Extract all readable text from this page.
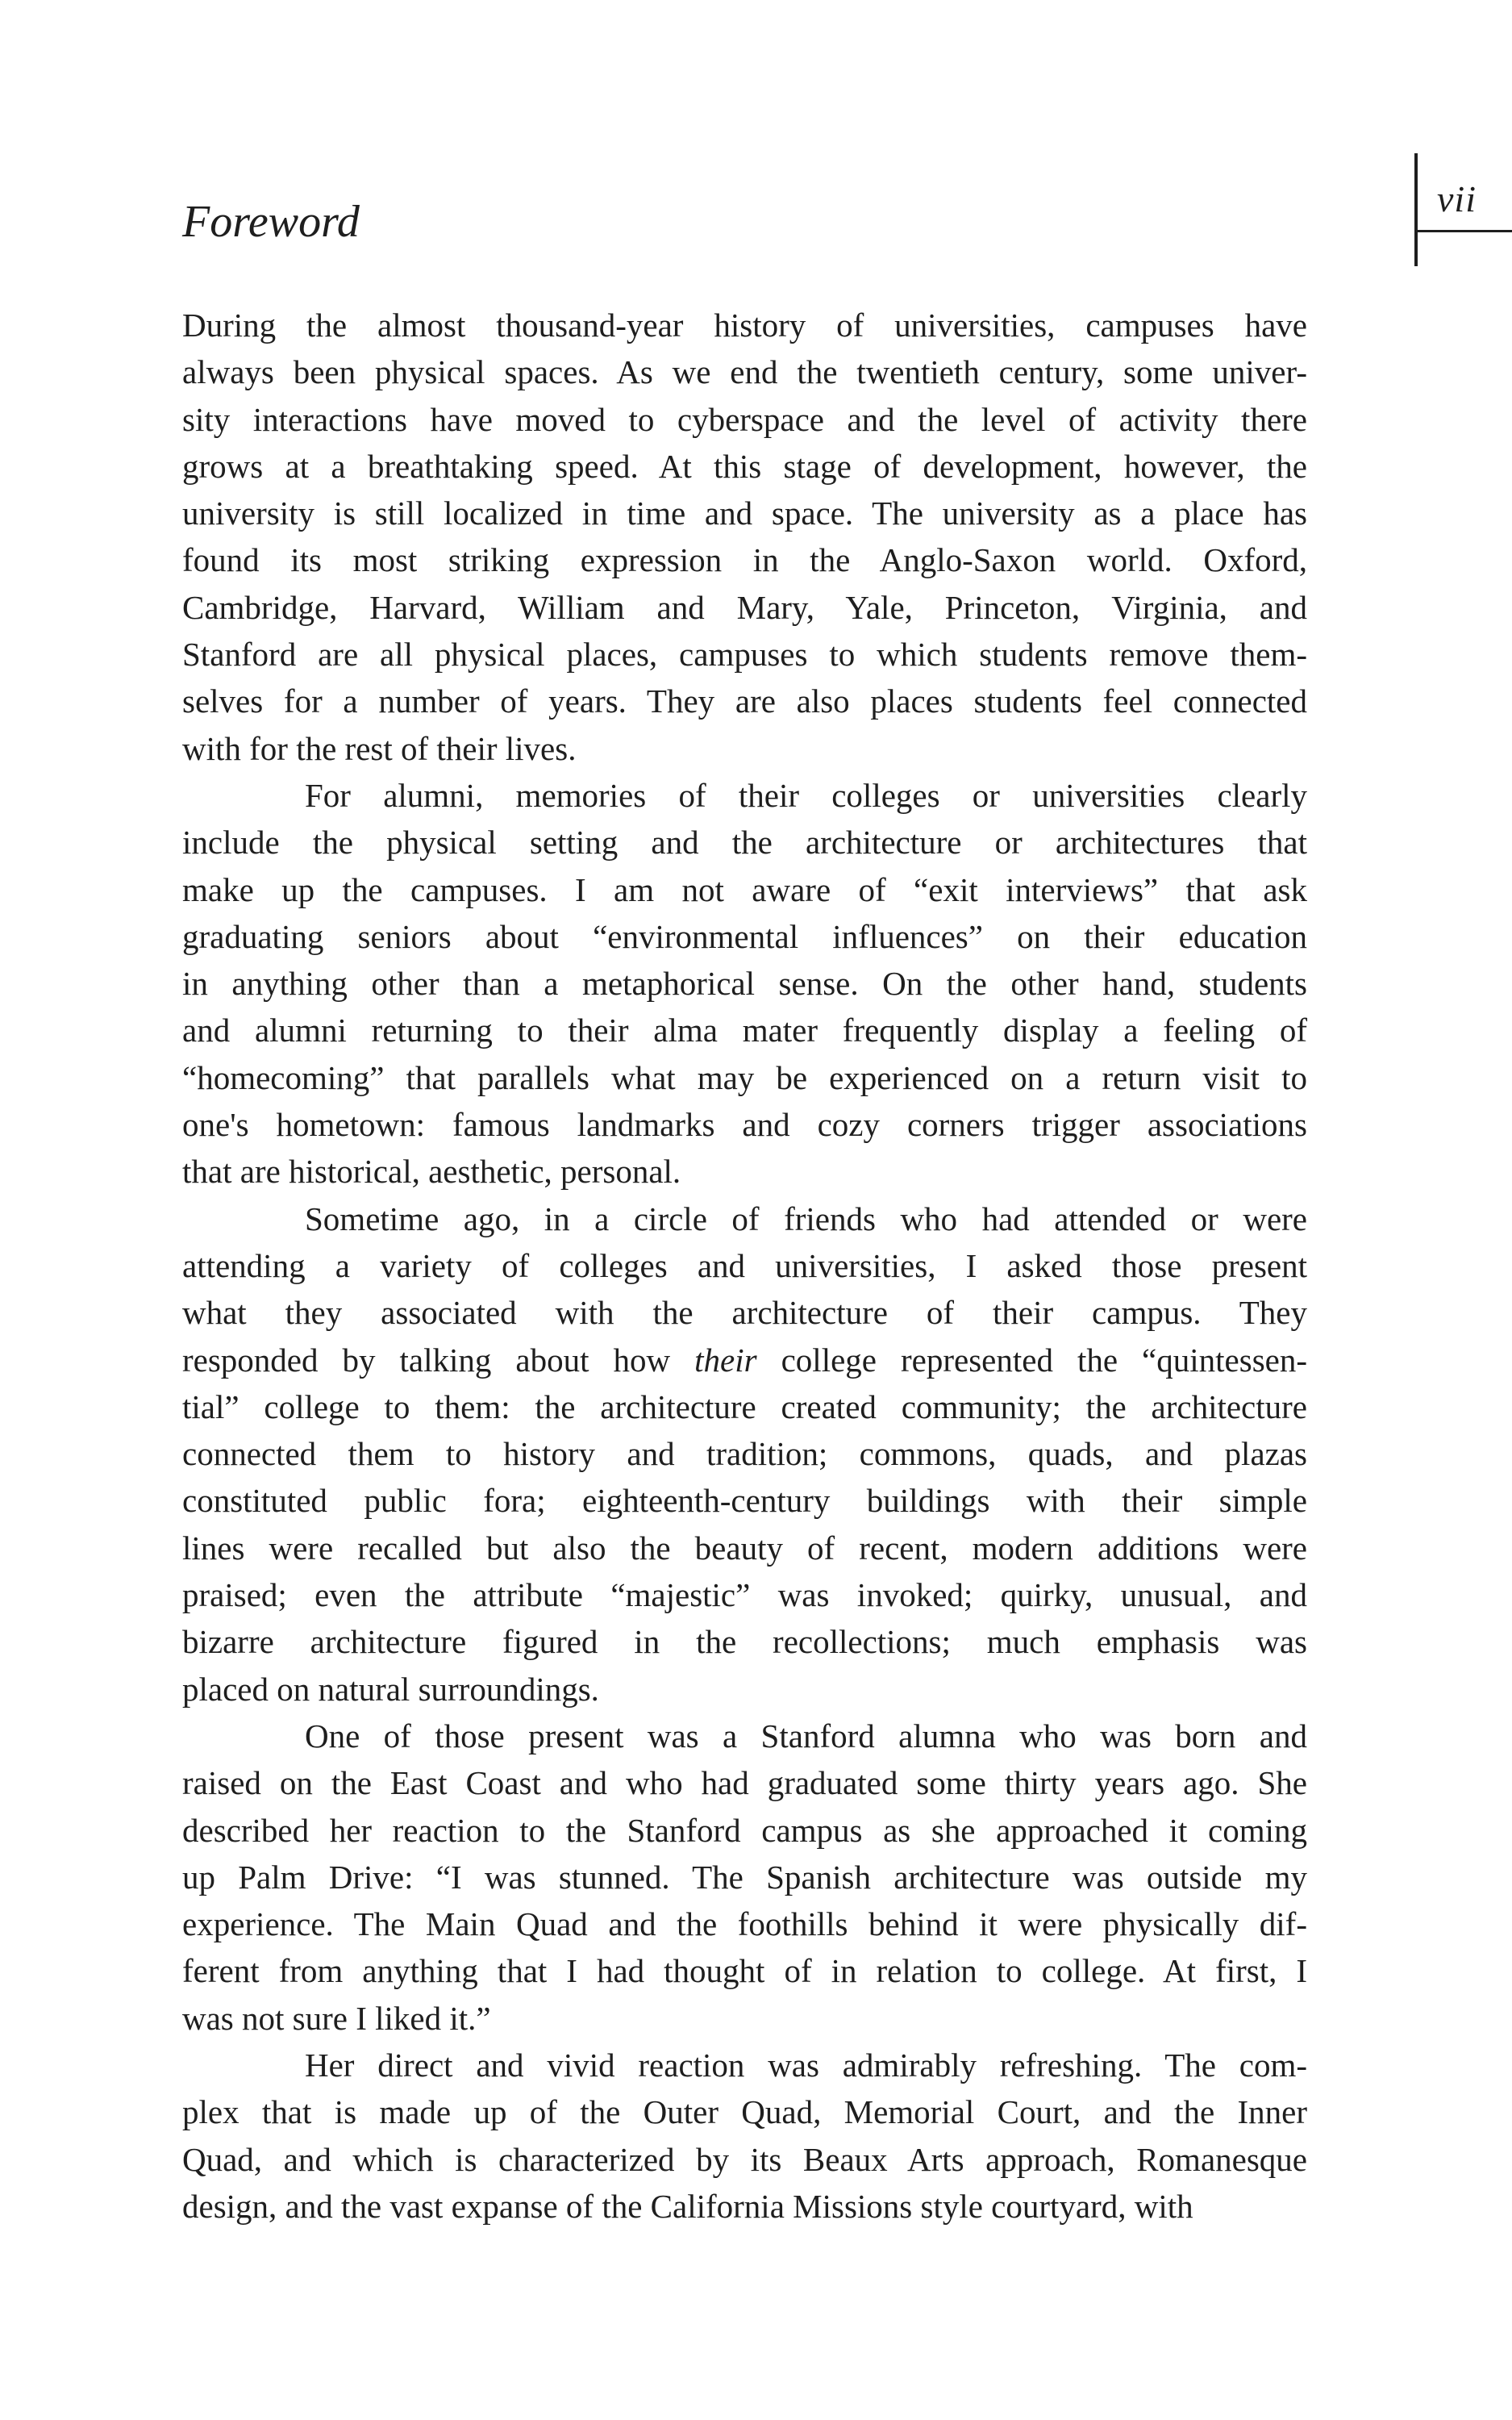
vii
Foreword
During the almost thousand-year history of universities, campuses have
always been physical spaces. As we end the twentieth century, some univer-
sity interactions have moved to cyberspace and the level of activity there
grows at a breathtaking speed. At this stage of development, however, the
university is still localized in time and space. The university as a place has
found its most striking expression in the Anglo-Saxon world. Oxford,
Cambridge, Harvard, William and Mary, Yale, Princeton, Virginia, and
Stanford are all physical places, campuses to which students remove them-
selves for a number of years. They are also places students feel connected
with for the rest of their lives.
For alumni, memories of their colleges or universities clearly
include the physical setting and the architecture or architectures that
make up the campuses. I am not aware of “exit interviews” that ask
graduating seniors about “environmental influences” on their education
in anything other than a metaphorical sense. On the other hand, students
and alumni returning to their alma mater frequently display a feeling of
“homecoming” that parallels what may be experienced on a return visit to
one's hometown: famous landmarks and cozy corners trigger associations
that are historical, aesthetic, personal.
Sometime ago, in a circle of friends who had attended or were
attending a variety of colleges and universities, I asked those present
what they associated with the architecture of their campus. They
responded by talking about how their college represented the “quintessen-
tial” college to them: the architecture created community; the architecture
connected them to history and tradition; commons, quads, and plazas
constituted public fora; eighteenth-century buildings with their simple
lines were recalled but also the beauty of recent, modern additions were
praised; even the attribute “majestic” was invoked; quirky, unusual, and
bizarre architecture figured in the recollections; much emphasis was
placed on natural surroundings.
One of those present was a Stanford alumna who was born and
raised on the East Coast and who had graduated some thirty years ago. She
described her reaction to the Stanford campus as she approached it coming
up Palm Drive: “I was stunned. The Spanish architecture was outside my
experience. The Main Quad and the foothills behind it were physically dif-
ferent from anything that I had thought of in relation to college. At first, I
was not sure I liked it.”
Her direct and vivid reaction was admirably refreshing. The com-
plex that is made up of the Outer Quad, Memorial Court, and the Inner
Quad, and which is characterized by its Beaux Arts approach, Romanesque
design, and the vast expanse of the California Missions style courtyard, with
